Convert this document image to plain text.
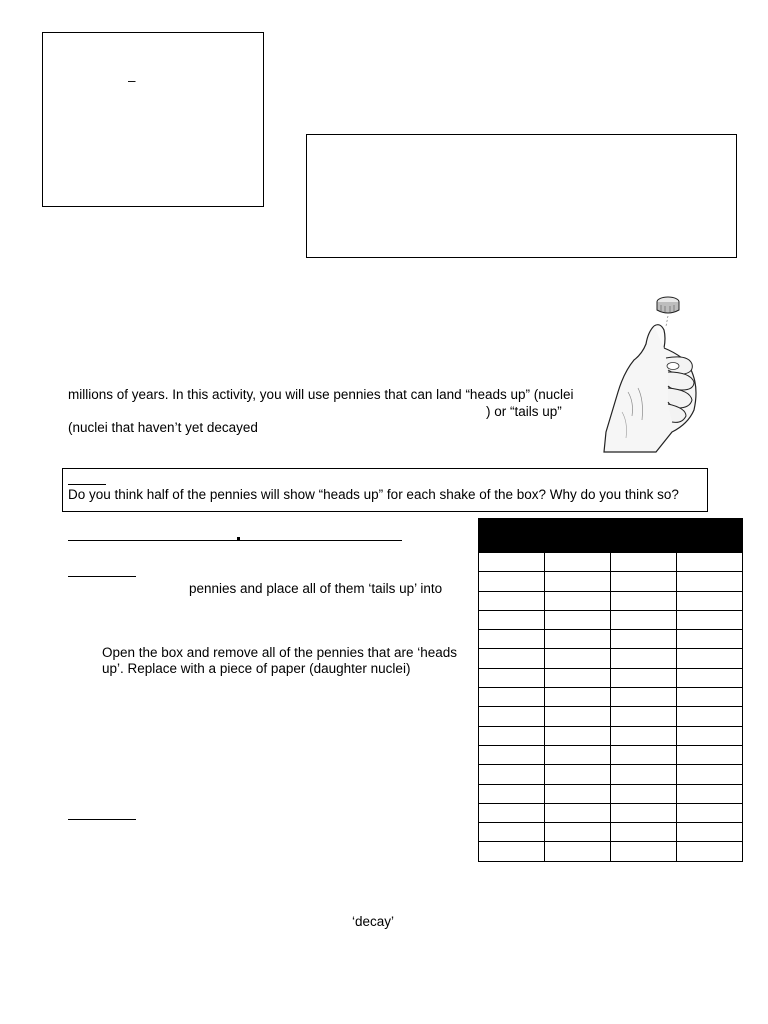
–
millions of years. In this activity, you will use pennies that can land “heads up” (nuclei
) or “tails up”
(nuclei that haven’t yet decayed
Do you think half of the pennies will show “heads up” for each shake of the box? Why do you think so?
pennies and place all of them ‘tails up’ into
Open the box and remove all of the pennies that are ‘heads up’. Replace with a piece of paper (daughter nuclei)
‘decay’
